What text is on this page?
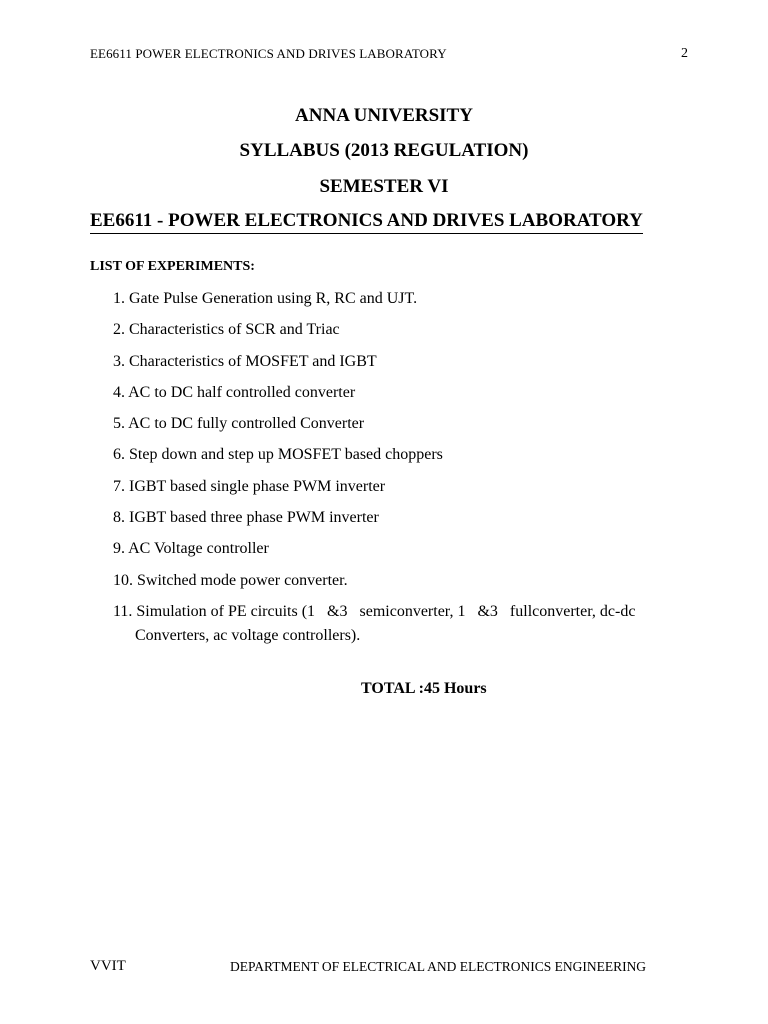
EE6611 POWER ELECTRONICS AND DRIVES LABORATORY	2
ANNA UNIVERSITY
SYLLABUS (2013 REGULATION)
SEMESTER VI
EE6611 - POWER ELECTRONICS AND DRIVES LABORATORY
LIST OF EXPERIMENTS:
1. Gate Pulse Generation using R, RC and UJT.
2. Characteristics of SCR and Triac
3. Characteristics of MOSFET and IGBT
4. AC to DC half controlled converter
5. AC to DC fully controlled Converter
6. Step down and step up MOSFET based choppers
7. IGBT based single phase PWM inverter
8. IGBT based three phase PWM inverter
9. AC Voltage controller
10. Switched mode power converter.
11. Simulation of PE circuits (1   &3   semiconverter, 1   &3   fullconverter, dc-dc
Converters, ac voltage controllers).
TOTAL :45 Hours
VVIT	DEPARTMENT OF ELECTRICAL AND ELECTRONICS ENGINEERING
